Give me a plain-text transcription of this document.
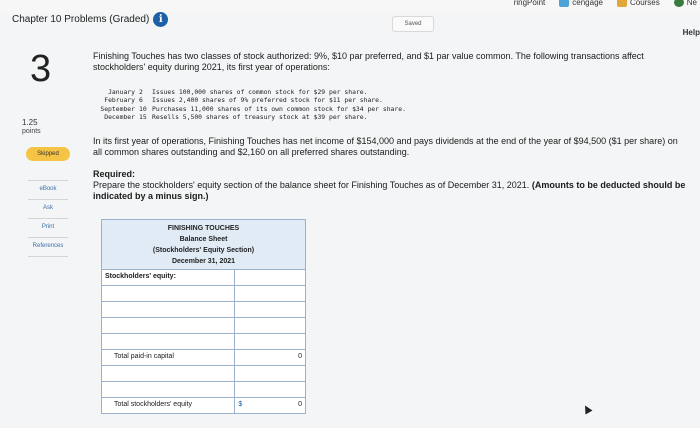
ringPoint	cengage	Courses	Ne
Chapter 10 Problems (Graded) i	Saved
Help
3
1.25
points
Skipped
eBook
Ask
Print
References
Finishing Touches has two classes of stock authorized: 9%, $10 par preferred, and $1 par value common. The following transactions affect stockholders' equity during 2021, its first year of operations:
January 2	Issues 100,000 shares of common stock for $29 per share.
February 6	Issues 2,400 shares of 9% preferred stock for $11 per share.
September 10 Purchases 11,000 shares of its own common stock for $34 per share.
December 15 Resells 5,500 shares of treasury stock at $39 per share.
In its first year of operations, Finishing Touches has net income of $154,000 and pays dividends at the end of the year of $94,500 ($1 per share) on all common shares outstanding and $2,160 on all preferred shares outstanding.
Required:
Prepare the stockholders' equity section of the balance sheet for Finishing Touches as of December 31, 2021. (Amounts to be deducted should be indicated by a minus sign.)
FINISHING TOUCHES
Balance Sheet
(Stockholders' Equity Section)
December 31, 2021
Stockholders' equity:
Total paid-in capital	0
Total stockholders' equity	$	0
